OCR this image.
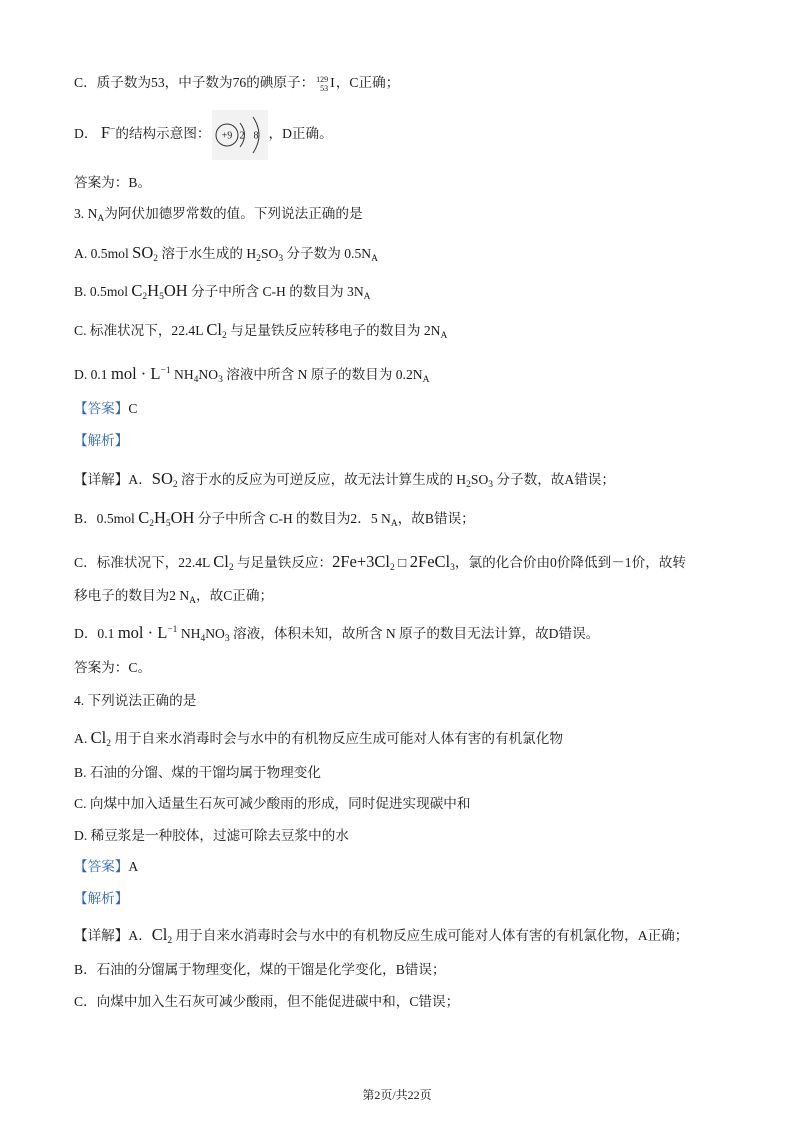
C．质子数为53，中子数为76的碘原子： 129
53 I ，C正确；
D． F−的结构示意图： +9 2 8 ，D正确。
答案为：B。
3. $N_A$为阿伏加德罗常数的值。下列说法正确的是
A. 0.5mol $SO_2$ 溶于水生成的 $H_2SO_3$ 分子数为 $0.5N_A$
B. 0.5mol $C_2H_5OH$ 分子中所含 C-H 的数目为 $3N_A$
C. 标准状况下，22.4L $Cl_2$ 与足量铁反应转移电子的数目为 $2N_A$
D. 0.1 mol · $L^{-1}$ $NH_4NO_3$ 溶液中所含 N 原子的数目为 $0.2N_A$
【答案】C
【解析】
【详解】A．$SO_2$ 溶于水的反应为可逆反应，故无法计算生成的 $H_2SO_3$ 分子数，故A错误；
B．0.5mol $C_2H_5OH$ 分子中所含 C-H 的数目为2．5 $N_A$，故B错误；
C．标准状况下，22.4L $Cl_2$ 与足量铁反应：$2Fe+3Cl_2$ □ 2FeCl$_3$，氯的化合价由0价降低到－1价，故转
移电子的数目为2 $N_A$，故C正确；
D．0.1 mol · $L^{-1}$ $NH_4NO_3$ 溶液，体积未知，故所含 N 原子的数目无法计算，故D错误。
答案为：C。
4. 下列说法正确的是
A. $Cl_2$ 用于自来水消毒时会与水中的有机物反应生成可能对人体有害的有机氯化物
B. 石油的分馏、煤的干馏均属于物理变化
C. 向煤中加入适量生石灰可减少酸雨的形成，同时促进实现碳中和
D. 稀豆浆是一种胶体，过滤可除去豆浆中的水
【答案】A
【解析】
【详解】A．$Cl_2$ 用于自来水消毒时会与水中的有机物反应生成可能对人体有害的有机氯化物，A正确；
B．石油的分馏属于物理变化，煤的干馏是化学变化，B错误；
C．向煤中加入生石灰可减少酸雨，但不能促进碳中和，C错误；
第2页/共22页
